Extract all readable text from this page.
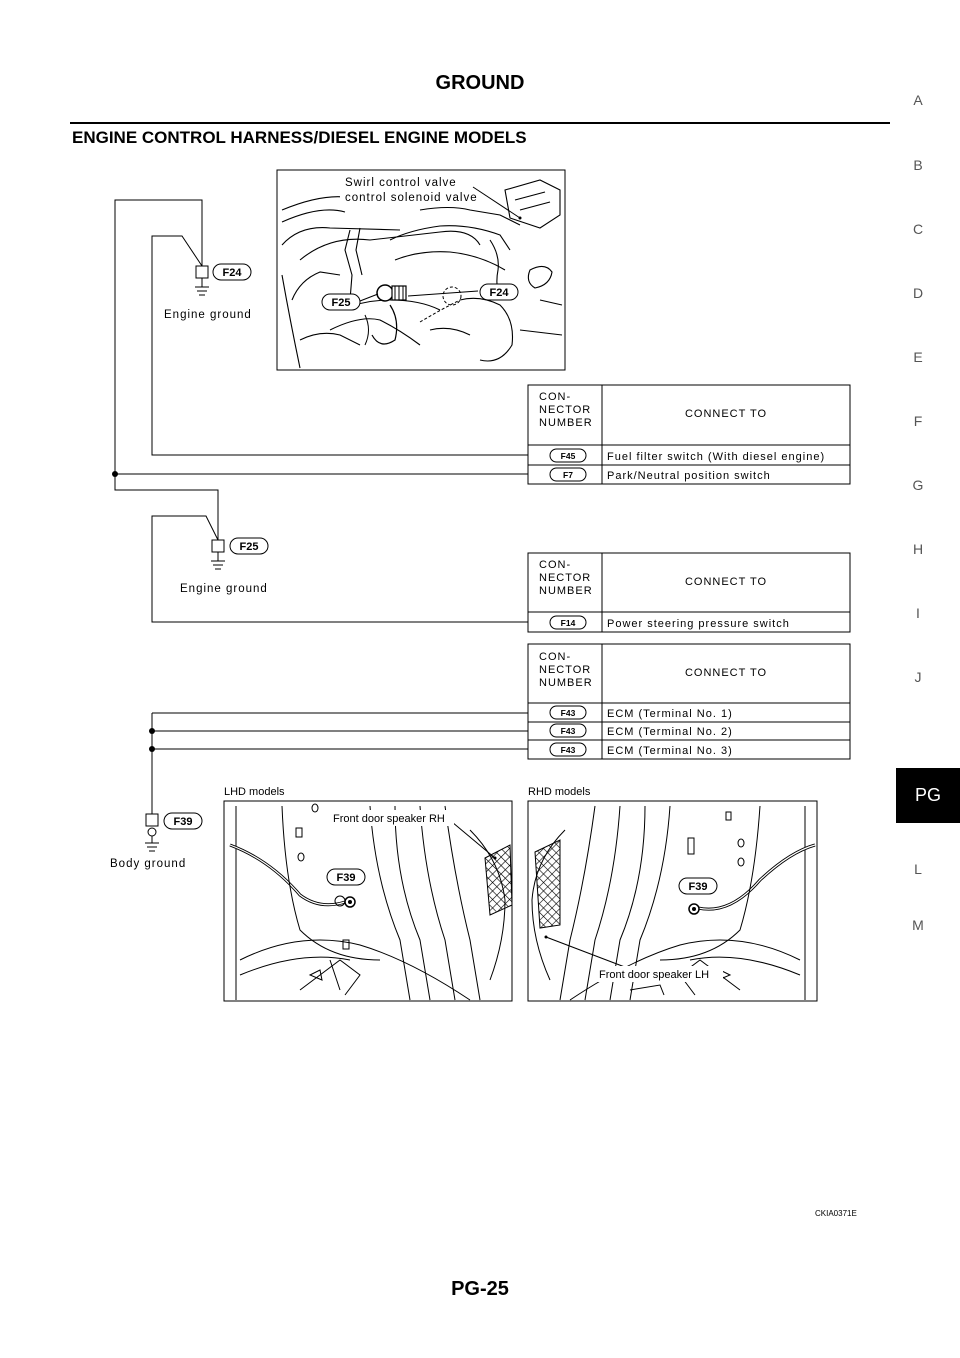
GROUND
ENGINE CONTROL HARNESS/DIESEL ENGINE MODELS
A
B
C
D
E
F
G
H
I
J
PG
L
M
F24
Engine ground
F25
Engine ground
F39
Body ground
F25
F24
Swirl control valve
control solenoid valve
CON-
NECTOR
NUMBER
CONNECT TO
F45	Fuel filter switch (With diesel engine)
F7	Park/Neutral position switch
CON-
NECTOR
NUMBER
CONNECT TO
F14	Power steering pressure switch
CON-
NECTOR
NUMBER
CONNECT TO
F43	ECM (Terminal No. 1)
F43	ECM (Terminal No. 2)
F43	ECM (Terminal No. 3)
LHD models
Front door speaker RH
F39
RHD models
Front door speaker LH
F39
CKIA0371E
PG-25
